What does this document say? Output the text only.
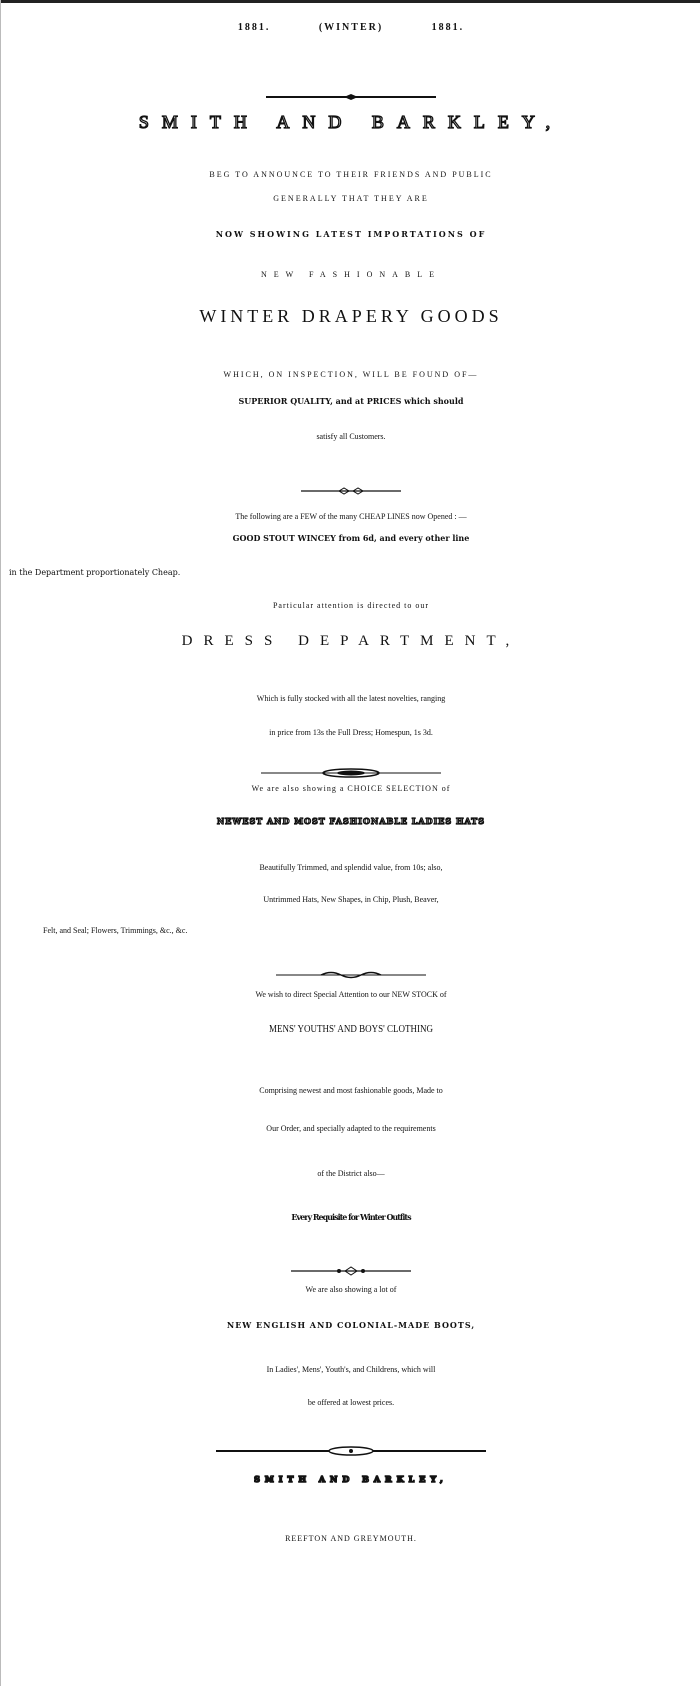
1881.	(WINTER)	1881.
SMITH AND BARKLEY,
BEG TO ANNOUNCE TO THEIR FRIENDS AND PUBLIC
GENERALLY THAT THEY ARE
NOW SHOWING LATEST IMPORTATIONS OF
NEW FASHIONABLE
WINTER DRAPERY GOODS
WHICH, ON INSPECTION, WILL BE FOUND OF—
SUPERIOR QUALITY, and at PRICES which should
satisfy all Customers.
The following are a FEW of the many CHEAP LINES now Opened : —
GOOD STOUT WINCEY from 6d, and every other line
in the Department proportionately Cheap.
Particular attention is directed to our
DRESS DEPARTMENT,
Which is fully stocked with all the latest novelties, ranging
in price from 13s the Full Dress; Homespun, 1s 3d.
We are also showing a CHOICE SELECTION of
NEWEST AND MOST FASHIONABLE LADIES HATS
Beautifully Trimmed, and splendid value, from 10s; also,
Untrimmed Hats, New Shapes, in Chip, Plush, Beaver,
Felt, and Seal; Flowers, Trimmings, &c., &c.
We wish to direct Special Attention to our NEW STOCK of
MENS' YOUTHS' AND BOYS' CLOTHING
Comprising newest and most fashionable goods, Made to
Our Order, and specially adapted to the requirements
of the District also—
Every Requisite for Winter Outfits
We are also showing a lot of
NEW ENGLISH AND COLONIAL-MADE BOOTS,
In Ladies', Mens', Youth's, and Childrens, which will
be offered at lowest prices.
SMITH AND BARKLEY,
REEFTON AND GREYMOUTH.
